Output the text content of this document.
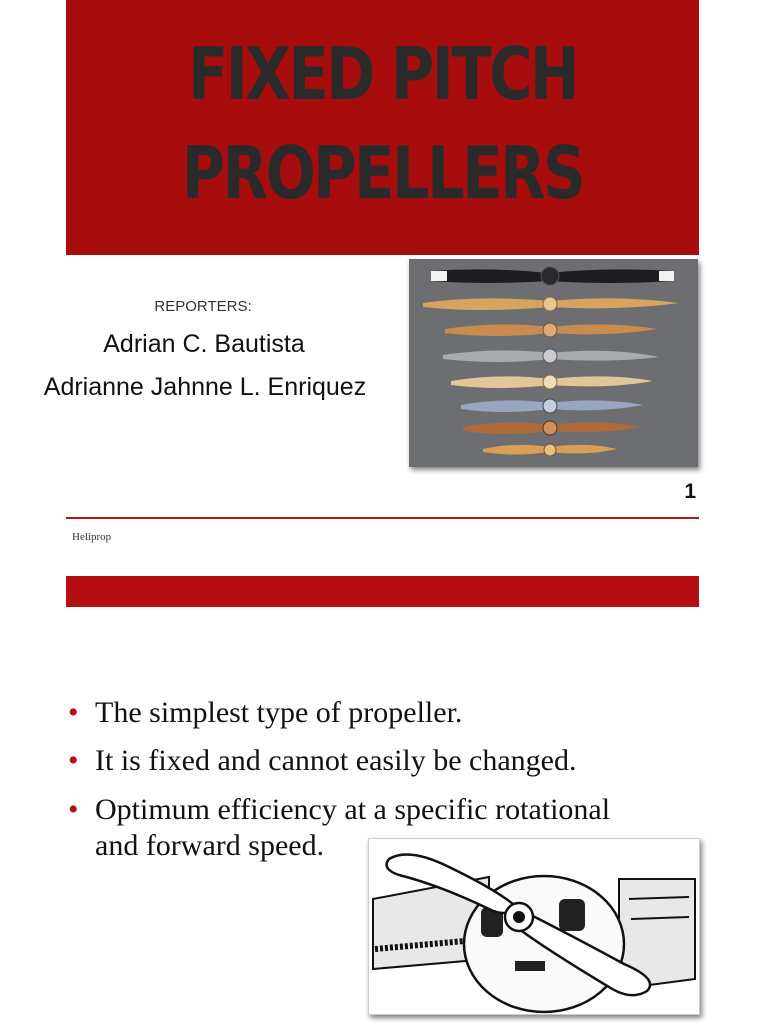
FIXED PITCH
PROPELLERS
REPORTERS:
Adrian C. Bautista
Adrianne Jahnne L. Enriquez
1
Heliprop
• The simplest type of propeller.
• It is fixed and cannot easily be changed.
• Optimum efficiency at a specific rotational
and forward speed.
